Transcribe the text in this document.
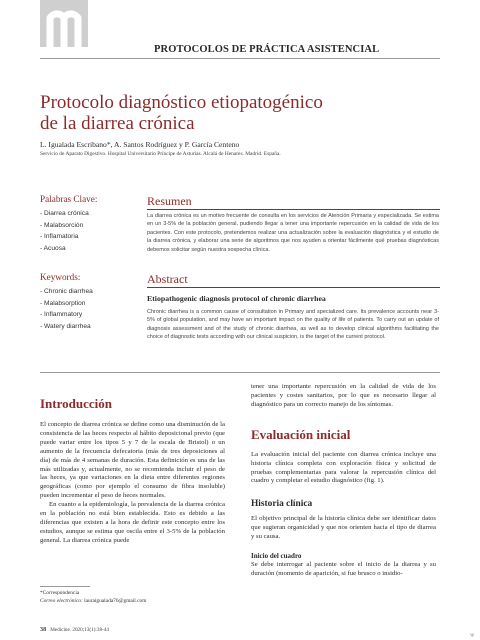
PROTOCOLOS DE PRÁCTICA ASISTENCIAL
Protocolo diagnóstico etiopatogénico
de la diarrea crónica
L. Igualada Escribano*, A. Santos Rodríguez y P. García Centeno
Servicio de Aparato Digestivo. Hospital Universitario Príncipe de Asturias. Alcalá de Henares. Madrid. España.
Palabras Clave:
- Diarrea crónica
- Malabsorción
- Inflamatoria
- Acuosa
Keywords:
- Chronic diarrhea
- Malabsorption
- Inflammatory
- Watery diarrhea
Resumen

La diarrea crónica es un motivo frecuente de consulta en los servicios de Atención Primaria y especializada. Se estima en un 3-5% de la población general, pudiendo llegar a tener una importante repercusión en la calidad de vida de los pacientes. Con este protocolo, pretendemos realizar una actualización sobre la evaluación diagnóstica y el estudio de la diarrea crónica, y elaborar una serie de algoritmos que nos ayuden a orientar fácilmente qué pruebas diagnósticas debemos solicitar según nuestra sospecha clínica.

Abstract
Etiopathogenic diagnosis protocol of chronic diarrhea

Chronic diarrhea is a common cause of consultation in Primary and specialized care. Its prevalence accounts near 3-5% of global population, and may have an important impact on the quality of life of patients. To carry out an update of diagnosis assessment and of the study of chronic diarrhea, as well as to develop clinical algorithms facilitating the choice of diagnostic tests according with our clinical suspicion, is the target of the current protocol.

Introducción

El concepto de diarrea crónica se define como una disminución de la consistencia de las heces respecto al hábito deposicional previo (que puede variar entre los tipos 5 y 7 de la escala de Bristol) o un aumento de la frecuencia defecatoria (más de tres deposiciones al día) de más de 4 semanas de duración. Esta definición es una de las más utilizadas y, actualmente, no se recomienda incluir el peso de las heces, ya que variaciones en la dieta entre diferentes regiones geográficas (como por ejemplo el consumo de fibra insoluble) pueden incrementar el peso de heces normales.

En cuanto a la epidemiología, la prevalencia de la diarrea crónica en la población no está bien establecida. Esto es debido a las diferencias que existen a la hora de definir este concepto entre los estudios, aunque se estima que oscila entre el 3-5% de la población general. La diarrea crónica puede

*Correspondencia
Correo electrónico: lauraigualada76@gmail.com
38 Medicine. 2020;13(1):38-44

tener una importante repercusión en la calidad de vida de los pacientes y costes sanitarios, por lo que es necesario llegar al diagnóstico para un correcto manejo de los síntomas.

Evaluación inicial

La evaluación inicial del paciente con diarrea crónica incluye una historia clínica completa con exploración física y solicitud de pruebas complementarias para valorar la repercusión clínica del cuadro y completar el estudio diagnóstico (fig. 1).

Historia clínica

El objetivo principal de la historia clínica debe ser identificar datos que sugieran organicidad y que nos orienten hacia el tipo de diarrea y su causa.

Inicio del cuadro

Se debe interrogar al paciente sobre el inicio de la diarrea y su duración (momento de aparición, si fue brusco o insidio-

Ψ
